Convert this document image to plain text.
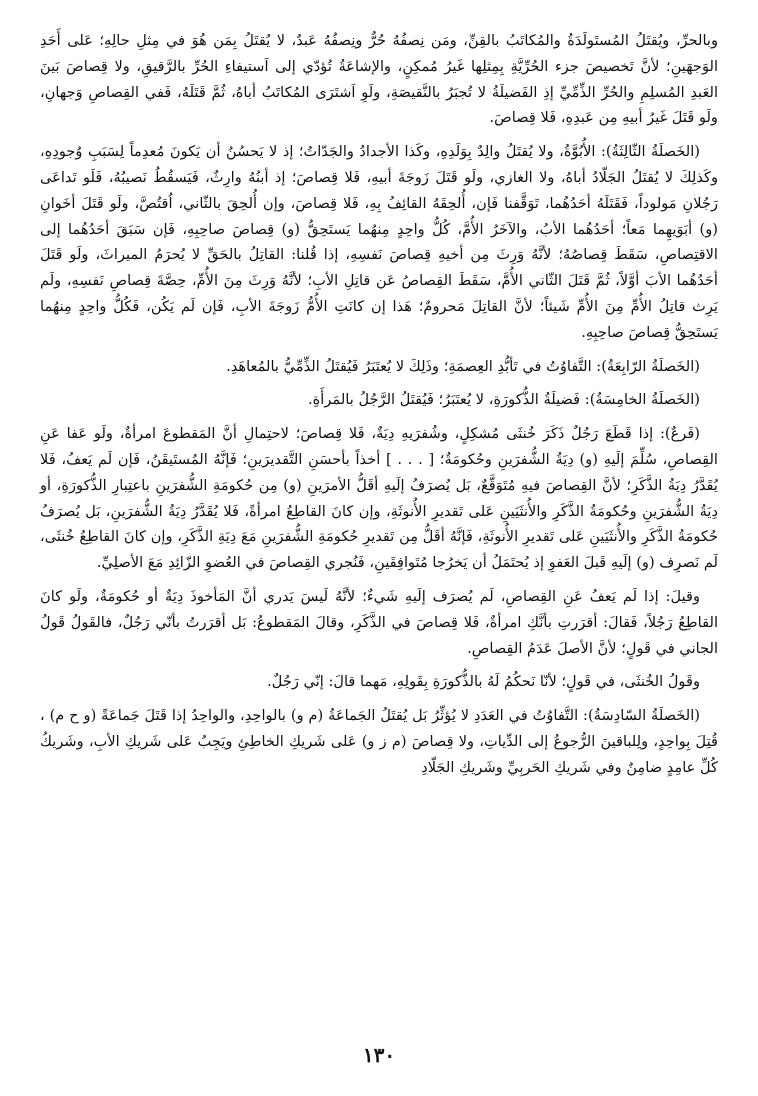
وبالحرِّ، ويُقتَلُ المُستَولَدَةُ والمُكاتَبُ بالقِنِّ، ومَن نِصفُهُ حُرٌّ ونِصفُهُ عَبدٌ، لا يُقتَلُ بِمَن هُوَ في مِثلِ حالِهِ؛ عَلى أَحَدِ الوَجهَينِ؛ لأنَّ تَخصيصَ جزء الحُرِّيَّةِ بِمِثلِها غَيرُ مُمكِنٍ، والإشاعَةُ تُؤدّي إلى اَستيفاءِ الحُرِّ بالرَّقيقِ، ولا قِصاصَ بَينَ العَبدِ المُسلِمِ والحُرِّ الذِّمِّيِّ إذِ الفَضيلَةُ لا تُجبَرُ بالنَّقيصَةِ، ولَوِ اَشتَرَى المُكاتَبُ أباهُ، ثُمَّ قَتَلَهُ، فَفي القِصاصِ وَجهانِ، ولَو قَتَلَ غَيرُ أبيهِ مِن عَبدِهِ، فَلا قِصاصَ.

(الخَصلَةُ الثّالِثَةُ): الأُبُوَّةُ، ولا يُقتَلُ والِدٌ بِوَلَدِهِ، وكَذا الأجدادُ والجَدّاتُ؛ إذ لا يَحسُنُ أن يَكونَ مُعدِماً لِسَبَبِ وُجودِهِ، وكَذلِكَ لا يُقتَلُ الجَلّادُ أباهُ، ولا الغازي، ولَو قَتَلَ زَوجَةَ أبيهِ، فَلا قِصاصَ؛ إذ أبنُهُ وارِثٌ، فَيَسقُطُ نَصيبُهُ، فَلَو تَداعَى رَجُلانِ مَولوداً، فَقَتَلَهُ أحَدُهُما، تَوَقَّفنا فَإن، أُلحِقَهُ القائِفُ بِهِ، فَلا قِصاصَ، وإن أُلحِقَ بالثّاني، اُقتُصَّ، ولَو قَتَلَ أخَوانِ (و) أبَوَيهِما مَعاً؛ أحَدُهُما الأبُ، والآخَرُ الأُمَّ، كُلُّ واحِدٍ مِنهُما يَستَحِقُّ (و) قِصاصَ صاحِبِهِ، فَإن سَبَقَ أحَدُهُما إلى الاقتِصاصِ، سَقَطَ قِصاصُهُ؛ لأنَّهُ وَرِثَ مِن أخيهِ قِصاصَ نَفسِهِ، إذا قُلنا: القاتِلُ بالحَقِّ لا يُحرَمُ الميراثَ، ولَو قَتَلَ أحَدُهُما الأبَ أوَّلاً، ثُمَّ قَتَلَ الثّاني الأُمَّ، سَقَطَ القِصاصُ عَن قاتِلِ الأبِ؛ لأنَّهُ وَرِثَ مِنَ الأُمِّ، حِصَّةَ قِصاصِ نَفسِهِ، ولَم يَرِث قاتِلُ الأُمِّ مِنَ الأُمِّ شَيئاً؛ لأنَّ القاتِلَ مَحرومٌ؛ هَذا إن كانَتِ الأُمُّ زَوجَةَ الأبِ، فَإن لَم يَكُن، فَكُلُّ واحِدٍ مِنهُما يَستَحِقُّ قِصاصَ صاحِبِهِ.

(الخَصلَةُ الرّابِعَةُ): التَّفاوُتُ في تَأبُّدِ العِصمَةِ؛ وذَلِكَ لا يُعتَبَرُ فَيُقتَلُ الذِّمِّيُّ بالمُعاهَدِ.

(الخَصلَةُ الخامِسَةُ): فَضيلَةُ الذُّكورَةِ، لا يُعتَبَرُ؛ فَيُقتَلُ الرَّجُلُ بالمَرأَةِ.

(فَرعٌ): إذا قَطَعَ رَجُلٌ ذَكَرَ خُنثَى مُشكِلٍ، وشُفرَيهِ دِيَةٌ، فَلا قِصاصَ؛ لاحتِمالِ أنَّ المَقطوعَ امرأةٌ، ولَو عَفا عَنِ القِصاصِ، سُلِّمَ إلَيهِ (و) دِيَةُ الشُّفرَينِ وحُكومَةٌ؛ [ . . . ] أخذاً بأحسَنِ التَّقديرَينِ؛ فَإنَّهُ المُستَيقَنُ، فَإن لَم يَعفُ، فَلا يُقَدَّرُ دِيَةُ الذَّكَرِ؛ لأنَّ القِصاصَ فيهِ مُتَوَقَّعٌ، بَل يُصرَفُ إلَيهِ أقَلُّ الأمرَينِ (و) مِن حُكومَةِ الشُّفرَينِ باعتِبارِ الذُّكورَةِ، أو دِيَةُ الشُّفرَينِ وحُكومَةُ الذَّكَرِ والأُنثَيَينِ عَلى تَقديرِ الأُنوثَةِ، وإن كانَ القاطِعُ امرأةً، فَلا يُقَدَّرُ دِيَةُ الشُّفرَينِ، بَل يُصرَفُ حُكومَةُ الذَّكَرِ والأُنثَيَينِ عَلى تَقديرِ الأُنوثَةِ، فَإنَّهُ أقَلُّ مِن تَقديرِ حُكومَةِ الشُّفرَينِ مَعَ دِيَةِ الذَّكَرِ، وإن كانَ القاطِعُ خُنثَى، لَم نَصرِف (و) إلَيهِ قَبلَ العَفوِ إذ يُحتَمَلُ أن يَخرُجا مُتَوافِقَينِ، فَنُجري القِصاصَ في العُضوِ الزّائِدِ مَعَ الأصلِيِّ.

وقيلَ: إذا لَم يَعفُ عَنِ القِصاصِ، لَم يُصرَف إلَيهِ شَيءٌ؛ لأنَّهُ لَيسَ يَدري أنَّ المَأخوذَ دِيَةٌ أو حُكومَةٌ، ولَو كانَ القاطِعُ رَجُلاً، فَقالَ: أقرَرتِ بأنَّكِ امرأةٌ، فَلا قِصاصَ في الذَّكَرِ، وقالَ المَقطوعُ: بَل أقرَرتُ بأنّي رَجُلٌ، فالقَولُ قَولُ الجاني في قَولٍ؛ لأنَّ الأصلَ عَدَمُ القِصاصِ.

وقَولُ الخُنثَى، في قَولٍ؛ لأنّا نَحكُمُ لَهُ بالذُّكورَةِ بِقَولِهِ، مَهما قالَ: إنّي رَجُلٌ.

(الخَصلَةُ السّادِسَةُ): التَّفاوُتُ في العَدَدِ لا يُؤثِّرُ بَل يُقتَلُ الجَماعَةُ (م و) بالواحِدِ، والواحِدُ إذا قَتَلَ جَماعَةً (و ح م) ، قُتِلَ بِواحِدٍ، ولِلباقينَ الرُّجوعُ إلى الدِّياتِ، ولا قِصاصَ (م ز و) عَلى شَريكِ الخاطِئِ ويَجِبُ عَلى شَريكِ الأبِ، وشَريكُ كُلِّ عامِدٍ ضامِنٌ وفي شَريكِ الحَربِيِّ وشَريكِ الجَلّادِ

١٣٠
